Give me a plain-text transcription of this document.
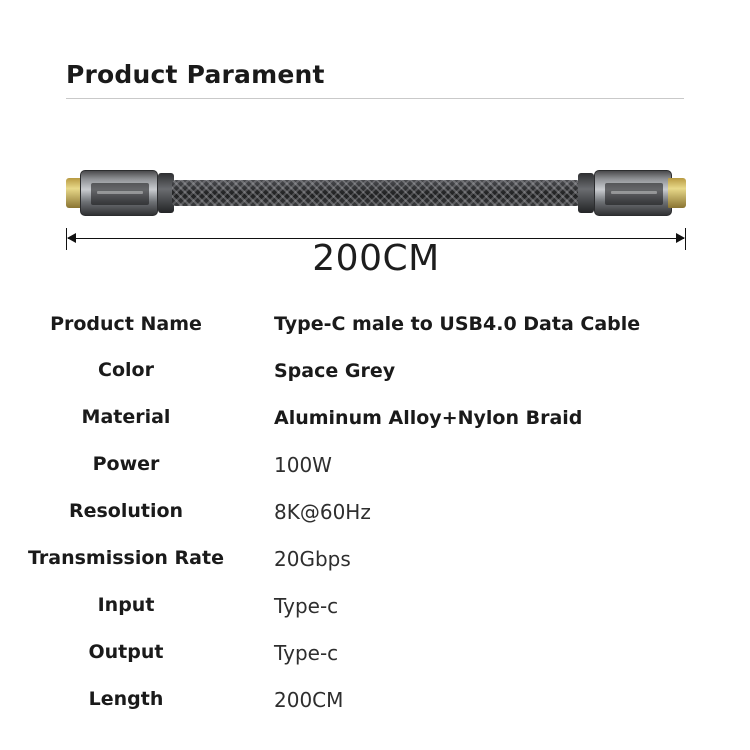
Product Parament
200CM
Product Name	Type-C male to USB4.0 Data Cable
Color	Space Grey
Material	Aluminum Alloy+Nylon Braid
Power	100W
Resolution	8K@60Hz
Transmission Rate	20Gbps
Input	Type-c
Output	Type-c
Length	200CM
